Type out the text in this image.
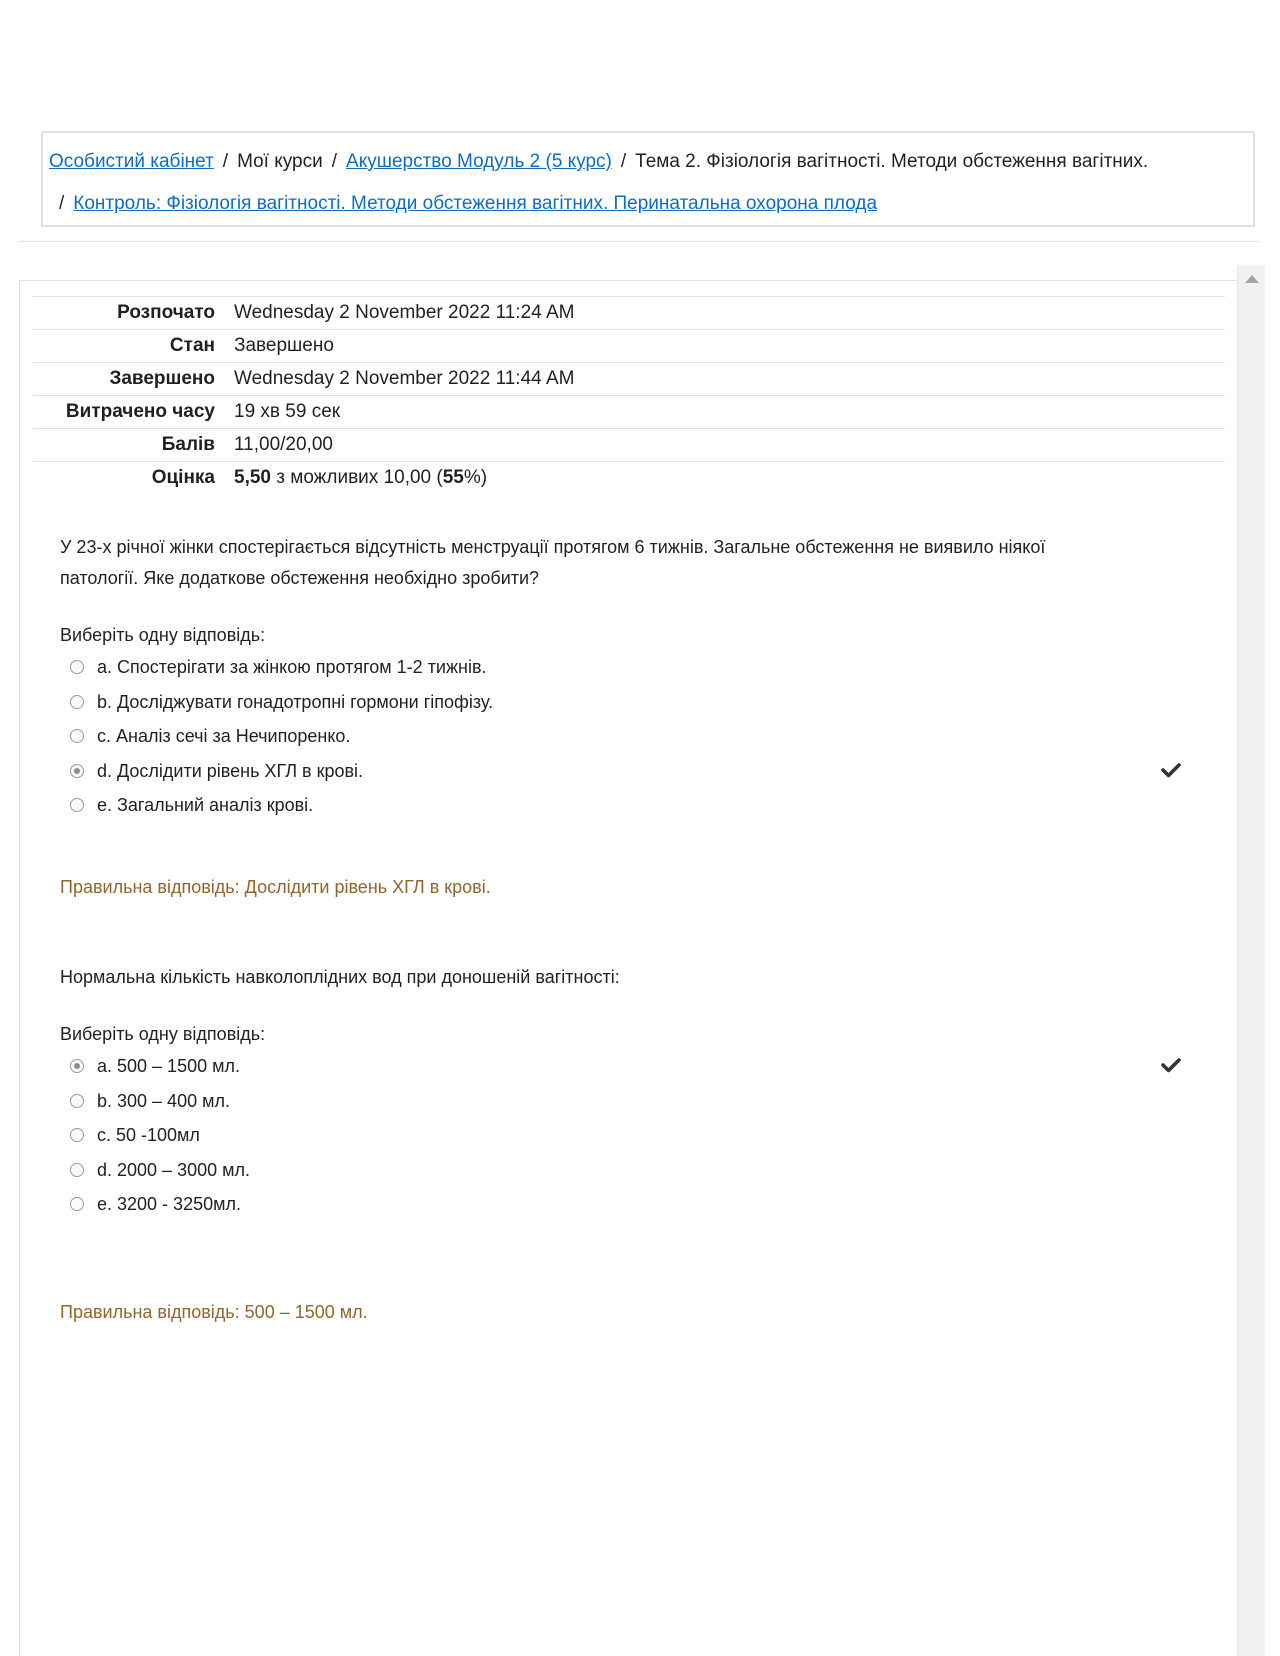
Особистий кабінет / Мої курси / Акушерство Модуль 2 (5 курс) / Тема 2. Фізіологія вагітності. Методи обстеження вагітних.
/ Контроль: Фізіологія вагітності. Методи обстеження вагітних. Перинатальна охорона плода
Розпочато	Wednesday 2 November 2022 11:24 AM
Стан	Завершено
Завершено	Wednesday 2 November 2022 11:44 AM
Витрачено часу	19 хв 59 сек
Балів	11,00/20,00
Оцінка	5,50 з можливих 10,00 (55%)
У 23-х річної жінки спостерігається відсутність менструації протягом 6 тижнів. Загальне обстеження не виявило ніякої
патології. Яке додаткове обстеження необхідно зробити?
Виберіть одну відповідь:
a. Спостерігати за жінкою протягом 1-2 тижнів.
b. Досліджувати гонадотропні гормони гіпофізу.
c. Аналіз сечі за Нечипоренко.
d. Дослідити рівень ХГЛ в крові.
e. Загальний аналіз крові.
Правильна відповідь: Дослідити рівень ХГЛ в крові.
Нормальна кількість навколоплідних вод при доношеній вагітності:
Виберіть одну відповідь:
a. 500 – 1500 мл.
b. 300 – 400 мл.
c. 50 -100мл
d. 2000 – 3000 мл.
e. 3200 - 3250мл.
Правильна відповідь: 500 – 1500 мл.
